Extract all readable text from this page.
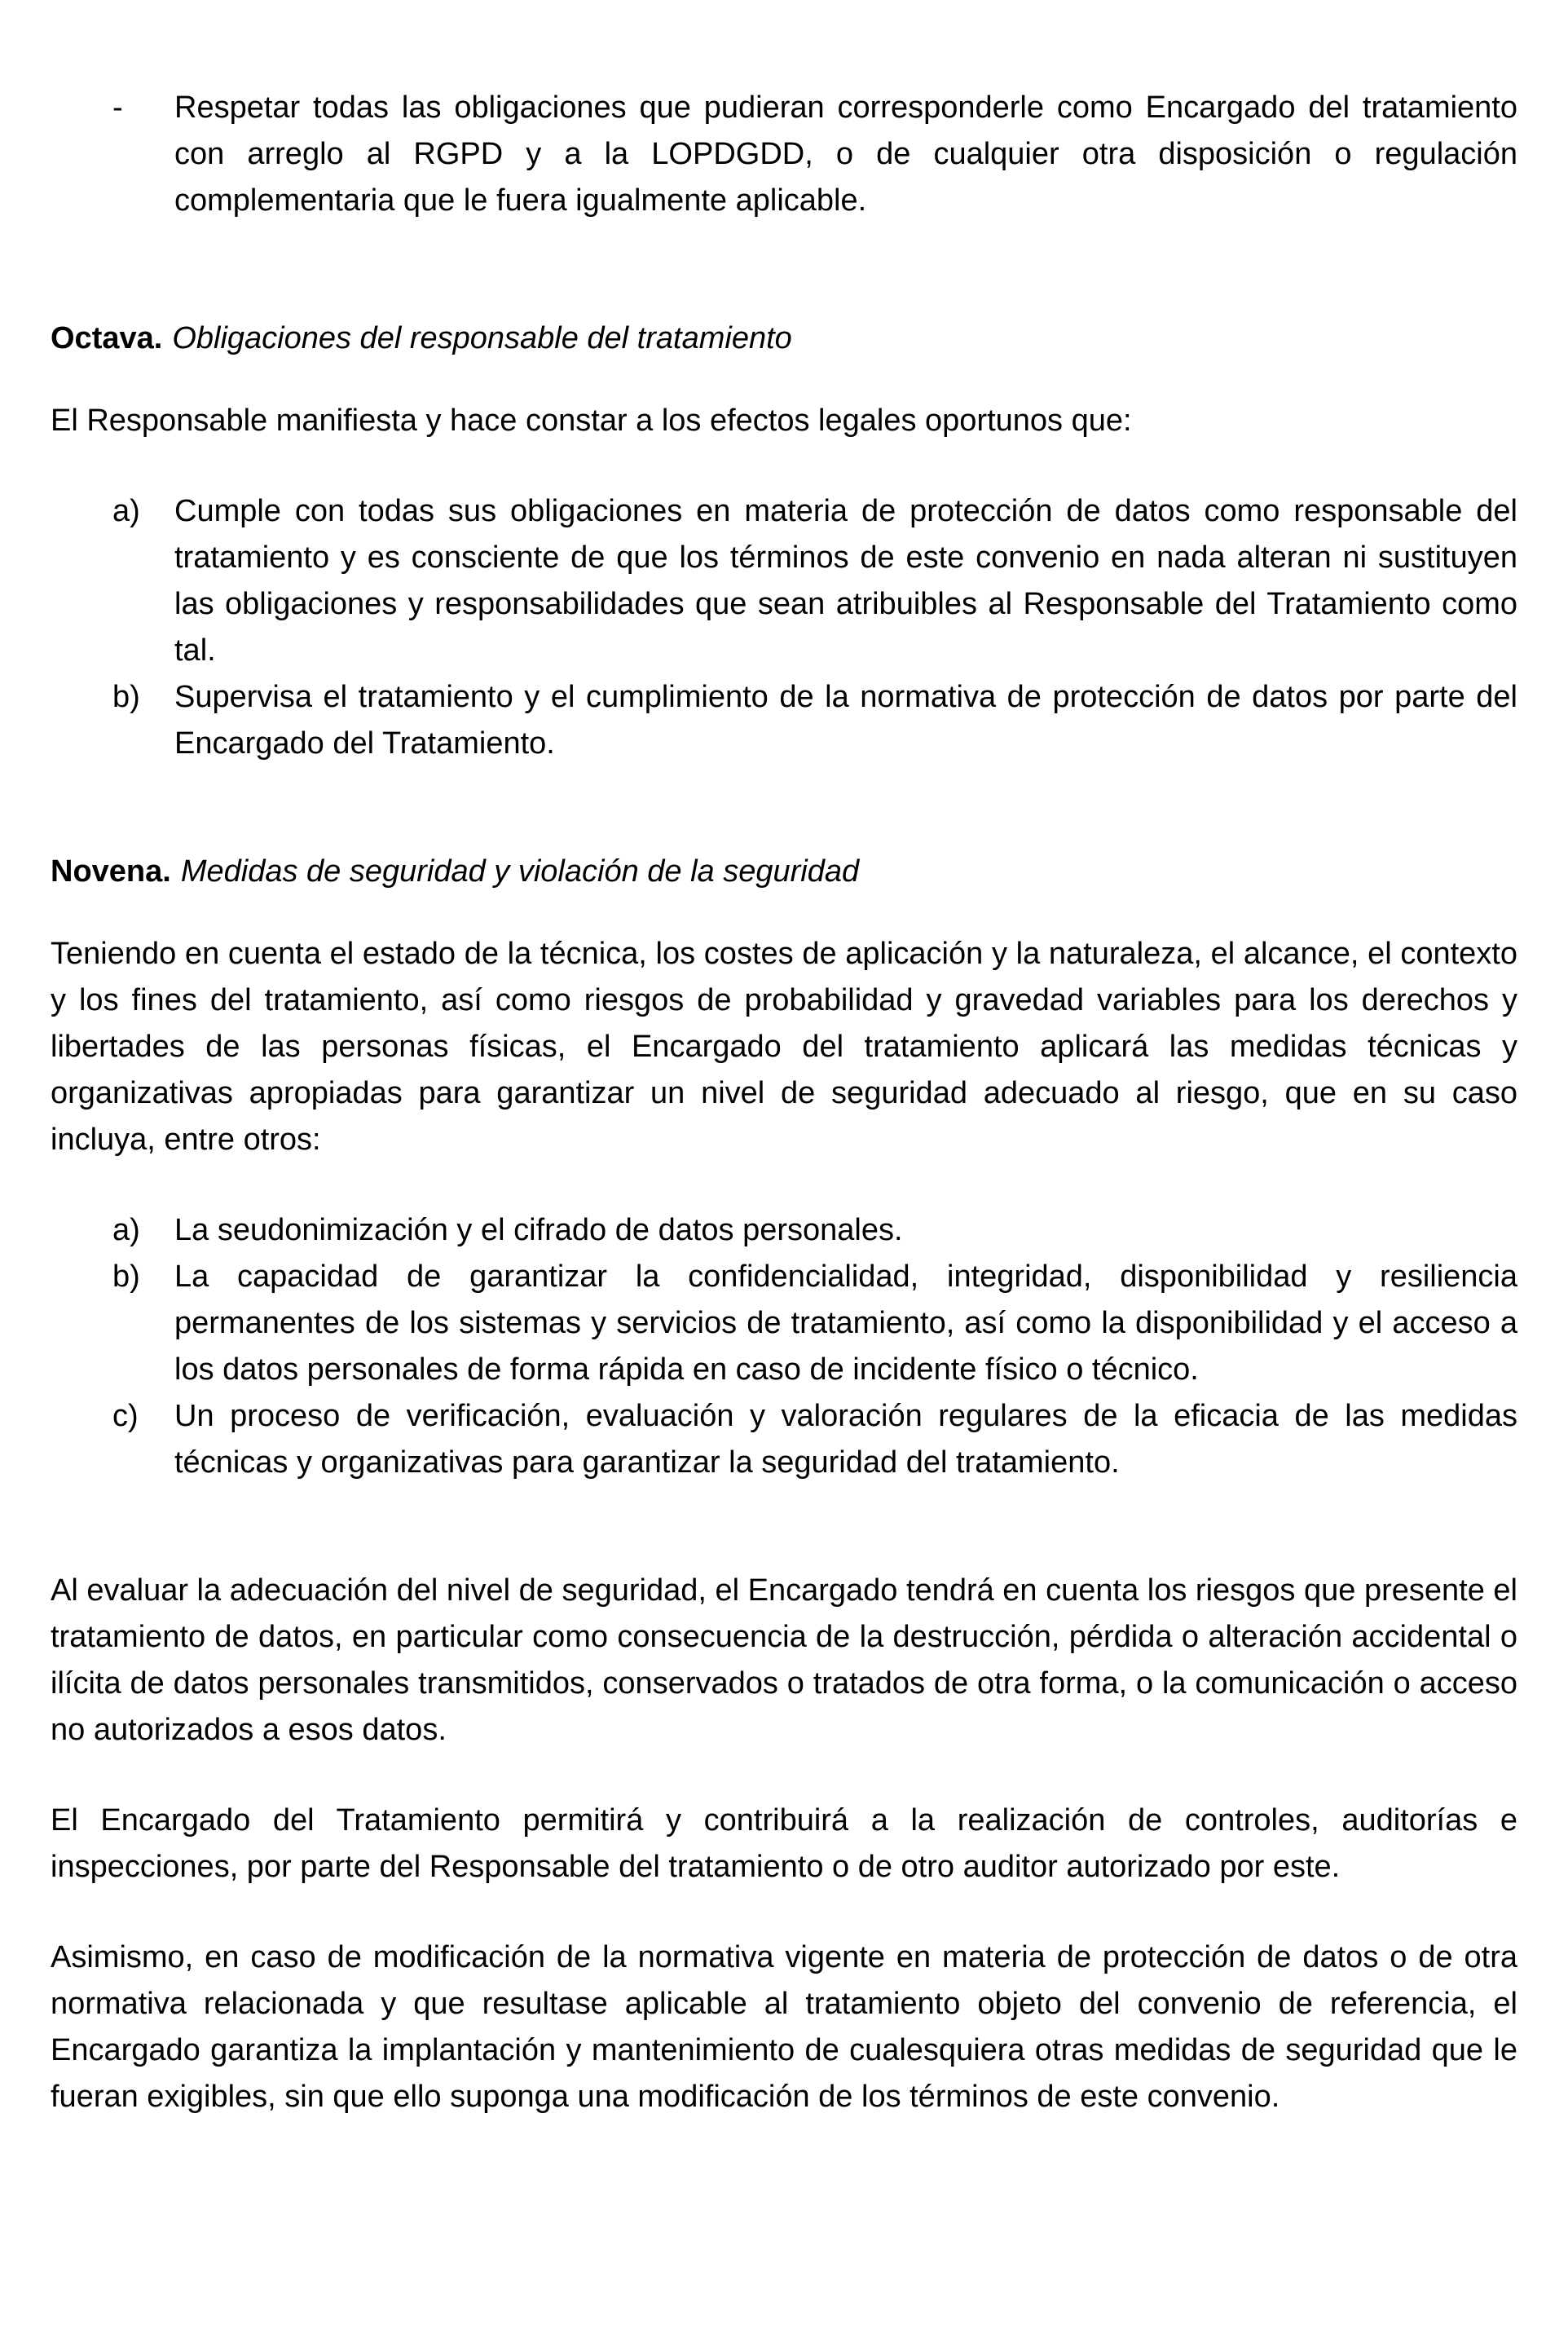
-	Respetar todas las obligaciones que pudieran corresponderle como Encargado del tratamiento con arreglo al RGPD y a la LOPDGDD, o de cualquier otra disposición o regulación complementaria que le fuera igualmente aplicable.

Octava. Obligaciones del responsable del tratamiento

El Responsable manifiesta y hace constar a los efectos legales oportunos que:

a)	Cumple con todas sus obligaciones en materia de protección de datos como responsable del tratamiento y es consciente de que los términos de este convenio en nada alteran ni sustituyen las obligaciones y responsabilidades que sean atribuibles al Responsable del Tratamiento como tal.
b)	Supervisa el tratamiento y el cumplimiento de la normativa de protección de datos por parte del Encargado del Tratamiento.

Novena. Medidas de seguridad y violación de la seguridad

Teniendo en cuenta el estado de la técnica, los costes de aplicación y la naturaleza, el alcance, el contexto y los fines del tratamiento, así como riesgos de probabilidad y gravedad variables para los derechos y libertades de las personas físicas, el Encargado del tratamiento aplicará las medidas técnicas y organizativas apropiadas para garantizar un nivel de seguridad adecuado al riesgo, que en su caso incluya, entre otros:

a)	La seudonimización y el cifrado de datos personales.
b)	La capacidad de garantizar la confidencialidad, integridad, disponibilidad y resiliencia permanentes de los sistemas y servicios de tratamiento, así como la disponibilidad y el acceso a los datos personales de forma rápida en caso de incidente físico o técnico.
c)	Un proceso de verificación, evaluación y valoración regulares de la eficacia de las medidas técnicas y organizativas para garantizar la seguridad del tratamiento.

Al evaluar la adecuación del nivel de seguridad, el Encargado tendrá en cuenta los riesgos que presente el tratamiento de datos, en particular como consecuencia de la destrucción, pérdida o alteración accidental o ilícita de datos personales transmitidos, conservados o tratados de otra forma, o la comunicación o acceso no autorizados a esos datos.

El Encargado del Tratamiento permitirá y contribuirá a la realización de controles, auditorías e inspecciones, por parte del Responsable del tratamiento o de otro auditor autorizado por este.

Asimismo, en caso de modificación de la normativa vigente en materia de protección de datos o de otra normativa relacionada y que resultase aplicable al tratamiento objeto del convenio de referencia, el Encargado garantiza la implantación y mantenimiento de cualesquiera otras medidas de seguridad que le fueran exigibles, sin que ello suponga una modificación de los términos de este convenio.
